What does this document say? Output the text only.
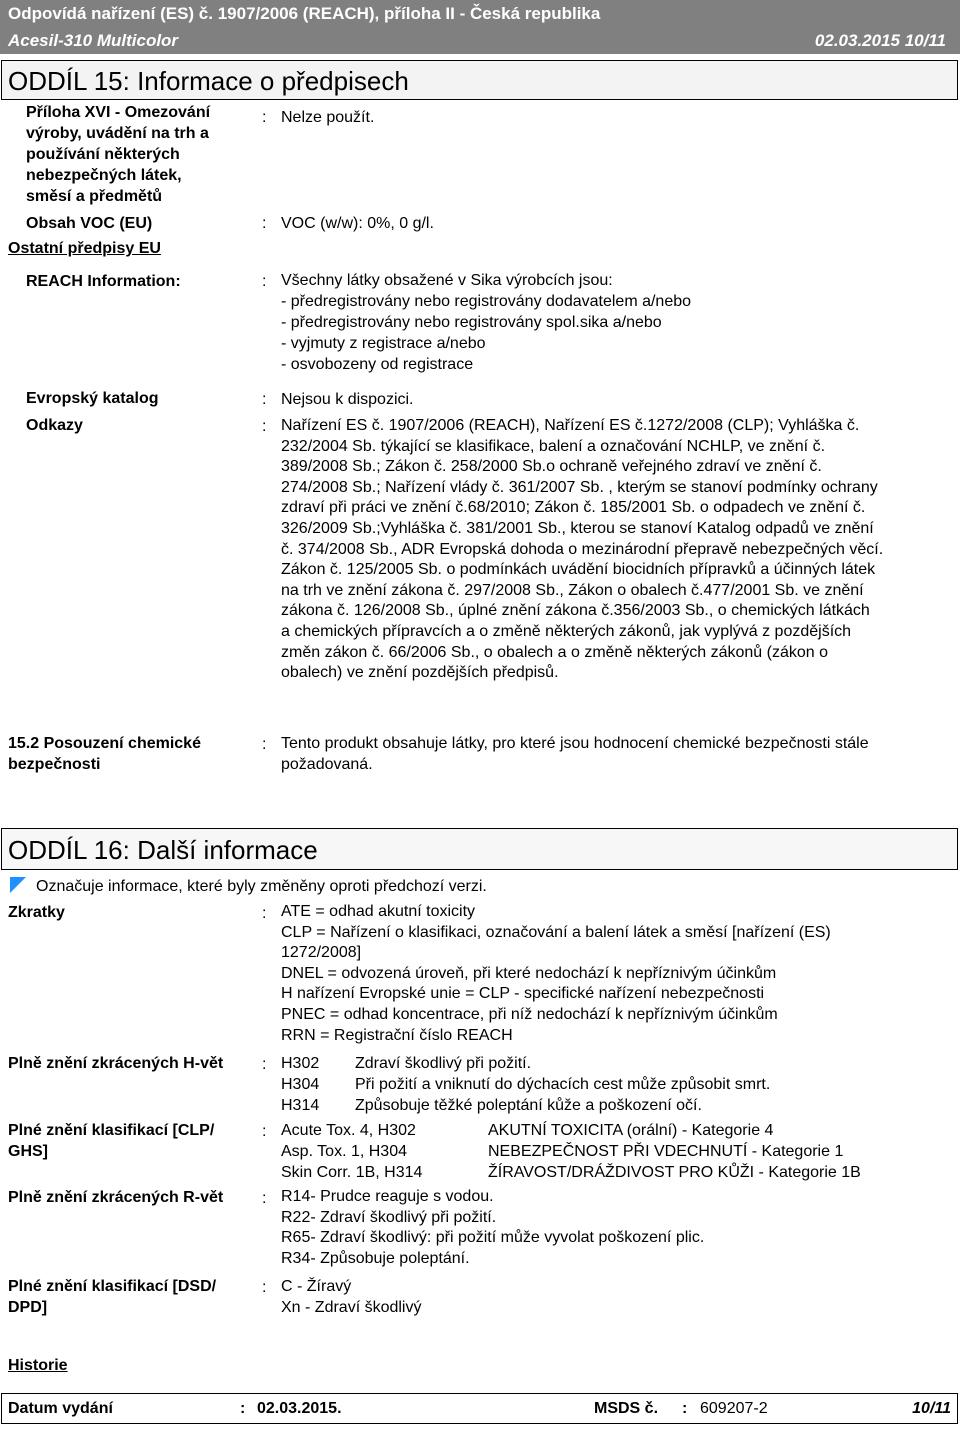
Odpovídá nařízení (ES) č. 1907/2006 (REACH), příloha II - Česká republika
Acesil-310 Multicolor	02.03.2015 10/11
ODDÍL 15: Informace o předpisech
Příloha XVI - Omezování
výroby, uvádění na trh a
používání některých
nebezpečných látek,
směsí a předmětů
: Nelze použít.
Obsah VOC (EU)	: VOC (w/w): 0%, 0 g/l.
Ostatní předpisy EU
REACH Information:	: Všechny látky obsažené v Sika výrobcích jsou:
- předregistrovány nebo registrovány dodavatelem a/nebo
- předregistrovány nebo registrovány spol.sika a/nebo
- vyjmuty z registrace a/nebo
- osvobozeny od registrace
Evropský katalog	: Nejsou k dispozici.
Odkazy	: Nařízení ES č. 1907/2006 (REACH), Nařízení ES č.1272/2008 (CLP); Vyhláška č.
232/2004 Sb. týkající se klasifikace, balení a označování NCHLP, ve znění č.
389/2008 Sb.; Zákon č. 258/2000 Sb.o ochraně veřejného zdraví ve znění č.
274/2008 Sb.; Nařízení vlády č. 361/2007 Sb. , kterým se stanoví podmínky ochrany
zdraví při práci ve znění č.68/2010; Zákon č. 185/2001 Sb. o odpadech ve znění č.
326/2009 Sb.;Vyhláška č. 381/2001 Sb., kterou se stanoví Katalog odpadů ve znění
č. 374/2008 Sb., ADR Evropská dohoda o mezinárodní přepravě nebezpečných věcí.
Zákon č. 125/2005 Sb. o podmínkách uvádění biocidních přípravků a účinných látek
na trh ve znění zákona č. 297/2008 Sb., Zákon o obalech č.477/2001 Sb. ve znění
zákona č. 126/2008 Sb., úplné znění zákona č.356/2003 Sb., o chemických látkách
a chemických přípravcích a o změně některých zákonů, jak vyplývá z pozdějších
změn zákon č. 66/2006 Sb., o obalech a o změně některých zákonů (zákon o
obalech) ve znění pozdějších předpisů.
15.2 Posouzení chemické
bezpečnosti
: Tento produkt obsahuje látky, pro které jsou hodnocení chemické bezpečnosti stále
požadovaná.
ODDÍL 16: Další informace
Označuje informace, které byly změněny oproti předchozí verzi.
Zkratky	: ATE = odhad akutní toxicity
CLP = Nařízení o klasifikaci, označování a balení látek a směsí [nařízení (ES)
1272/2008]
DNEL = odvozená úroveň, při které nedochází k nepříznivým účinkům
H nařízení Evropské unie = CLP - specifické nařízení nebezpečnosti
PNEC = odhad koncentrace, při níž nedochází k nepříznivým účinkům
RRN = Registrační číslo REACH
Plně znění zkrácených H-vět : H302 Zdraví škodlivý při požití.
H304 Při požití a vniknutí do dýchacích cest může způsobit smrt.
H314 Způsobuje těžké poleptání kůže a poškození očí.
Plné znění klasifikací [CLP/
GHS]
: Acute Tox. 4, H302	AKUTNÍ TOXICITA (orální) - Kategorie 4
Asp. Tox. 1, H304	NEBEZPEČNOST PŘI VDECHNUTÍ - Kategorie 1
Skin Corr. 1B, H314	ŽÍRAVOST/DRÁŽDIVOST PRO KŮŽI - Kategorie 1B
Plně znění zkrácených R-vět : R14- Prudce reaguje s vodou.
R22- Zdraví škodlivý při požití.
R65- Zdraví škodlivý: při požití může vyvolat poškození plic.
R34- Způsobuje poleptání.
Plné znění klasifikací [DSD/
DPD]
: C - Žíravý
Xn - Zdraví škodlivý
Historie
Datum vydání	: 02.03.2015.	MSDS č. : 609207-2	10/11
